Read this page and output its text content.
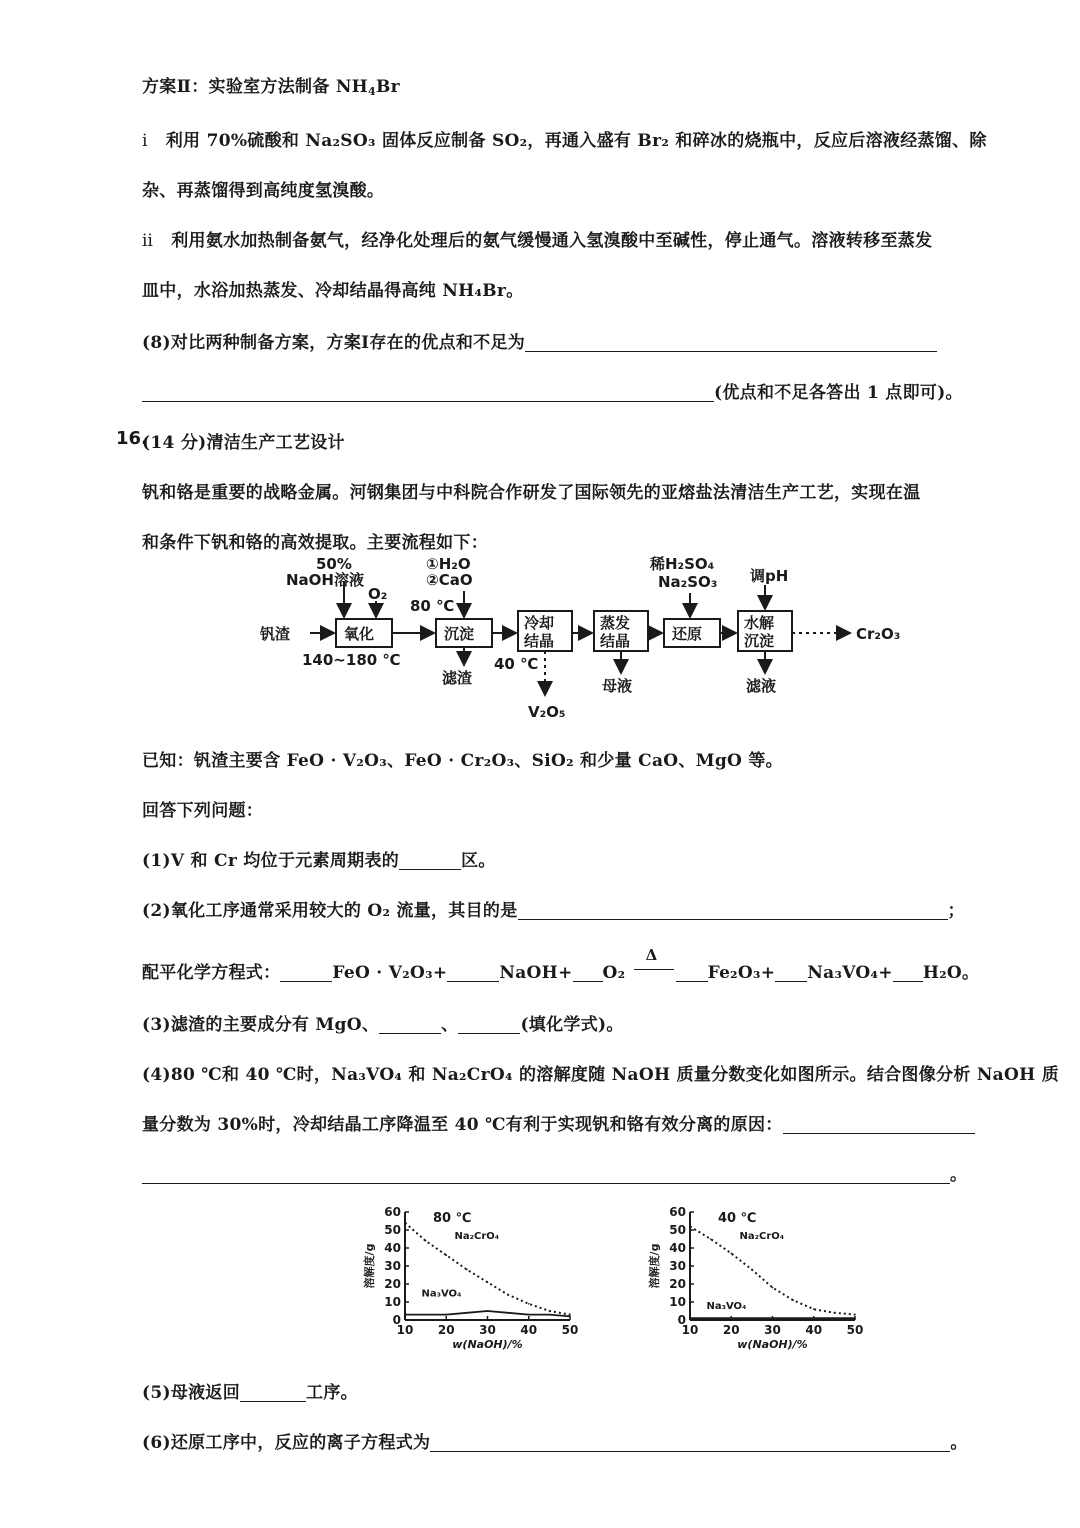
方案Ⅱ：实验室方法制备 $NH_4Br$
ⅰ 利用 70%硫酸和 Na₂SO₃ 固体反应制备 SO₂，再通入盛有 Br₂ 和碎冰的烧瓶中，反应后溶液经蒸馏、除
杂、再蒸馏得到高纯度氢溴酸。
ⅱ 利用氨水加热制备氨气，经净化处理后的氨气缓慢通入氢溴酸中至碱性，停止通气。溶液转移至蒸发
皿中，水浴加热蒸发、冷却结晶得高纯 NH₄Br。
(8)对比两种制备方案，方案Ⅰ存在的优点和不足为
(优点和不足各答出 1 点即可)。
16.
(14 分)清洁生产工艺设计
钒和铬是重要的战略金属。河钢集团与中科院合作研发了国际领先的亚熔盐法清洁生产工艺，实现在温
和条件下钒和铬的高效提取。主要流程如下：
钒渣
50%
NaOH溶液
O₂
氧化
140~180 ℃
①H₂O
②CaO
80 ℃
沉淀
滤渣
冷却
结晶
40 ℃
V₂O₅
蒸发
结晶
母液
稀H₂SO₄
Na₂SO₃
还原
调pH
水解
沉淀
滤液
Cr₂O₃
已知：钒渣主要含 FeO · V₂O₃、FeO · Cr₂O₃、SiO₂ 和少量 CaO、MgO 等。
回答下列问题：
(1)V 和 Cr 均位于元素周期表的	区。
(2)氧化工序通常采用较大的 O₂ 流量，其目的是	；
配平化学方程式：	FeO · V₂O₃+	NaOH+ O₂
Δ
Fe₂O₃+ Na₃VO₄+ H₂O。
(3)滤渣的主要成分有 MgO、	、	(填化学式)。
(4)80 ℃和 40 ℃时，Na₃VO₄ 和 Na₂CrO₄ 的溶解度随 NaOH 质量分数变化如图所示。结合图像分析 NaOH 质
量分数为 30%时，冷却结晶工序降温至 40 ℃有利于实现钒和铬有效分离的原因：
。
0
10
20
30
40
50
60
10 20 30 40 50
w(NaOH)/%
溶解度/g
80 ℃
Na₂CrO₄
Na₃VO₄
0
10
20
30
40
50
60
10 20 30 40 50
w(NaOH)/%
溶解度/g
40 ℃
Na₂CrO₄
Na₃VO₄
(5)母液返回	工序。
(6)还原工序中，反应的离子方程式为	。
